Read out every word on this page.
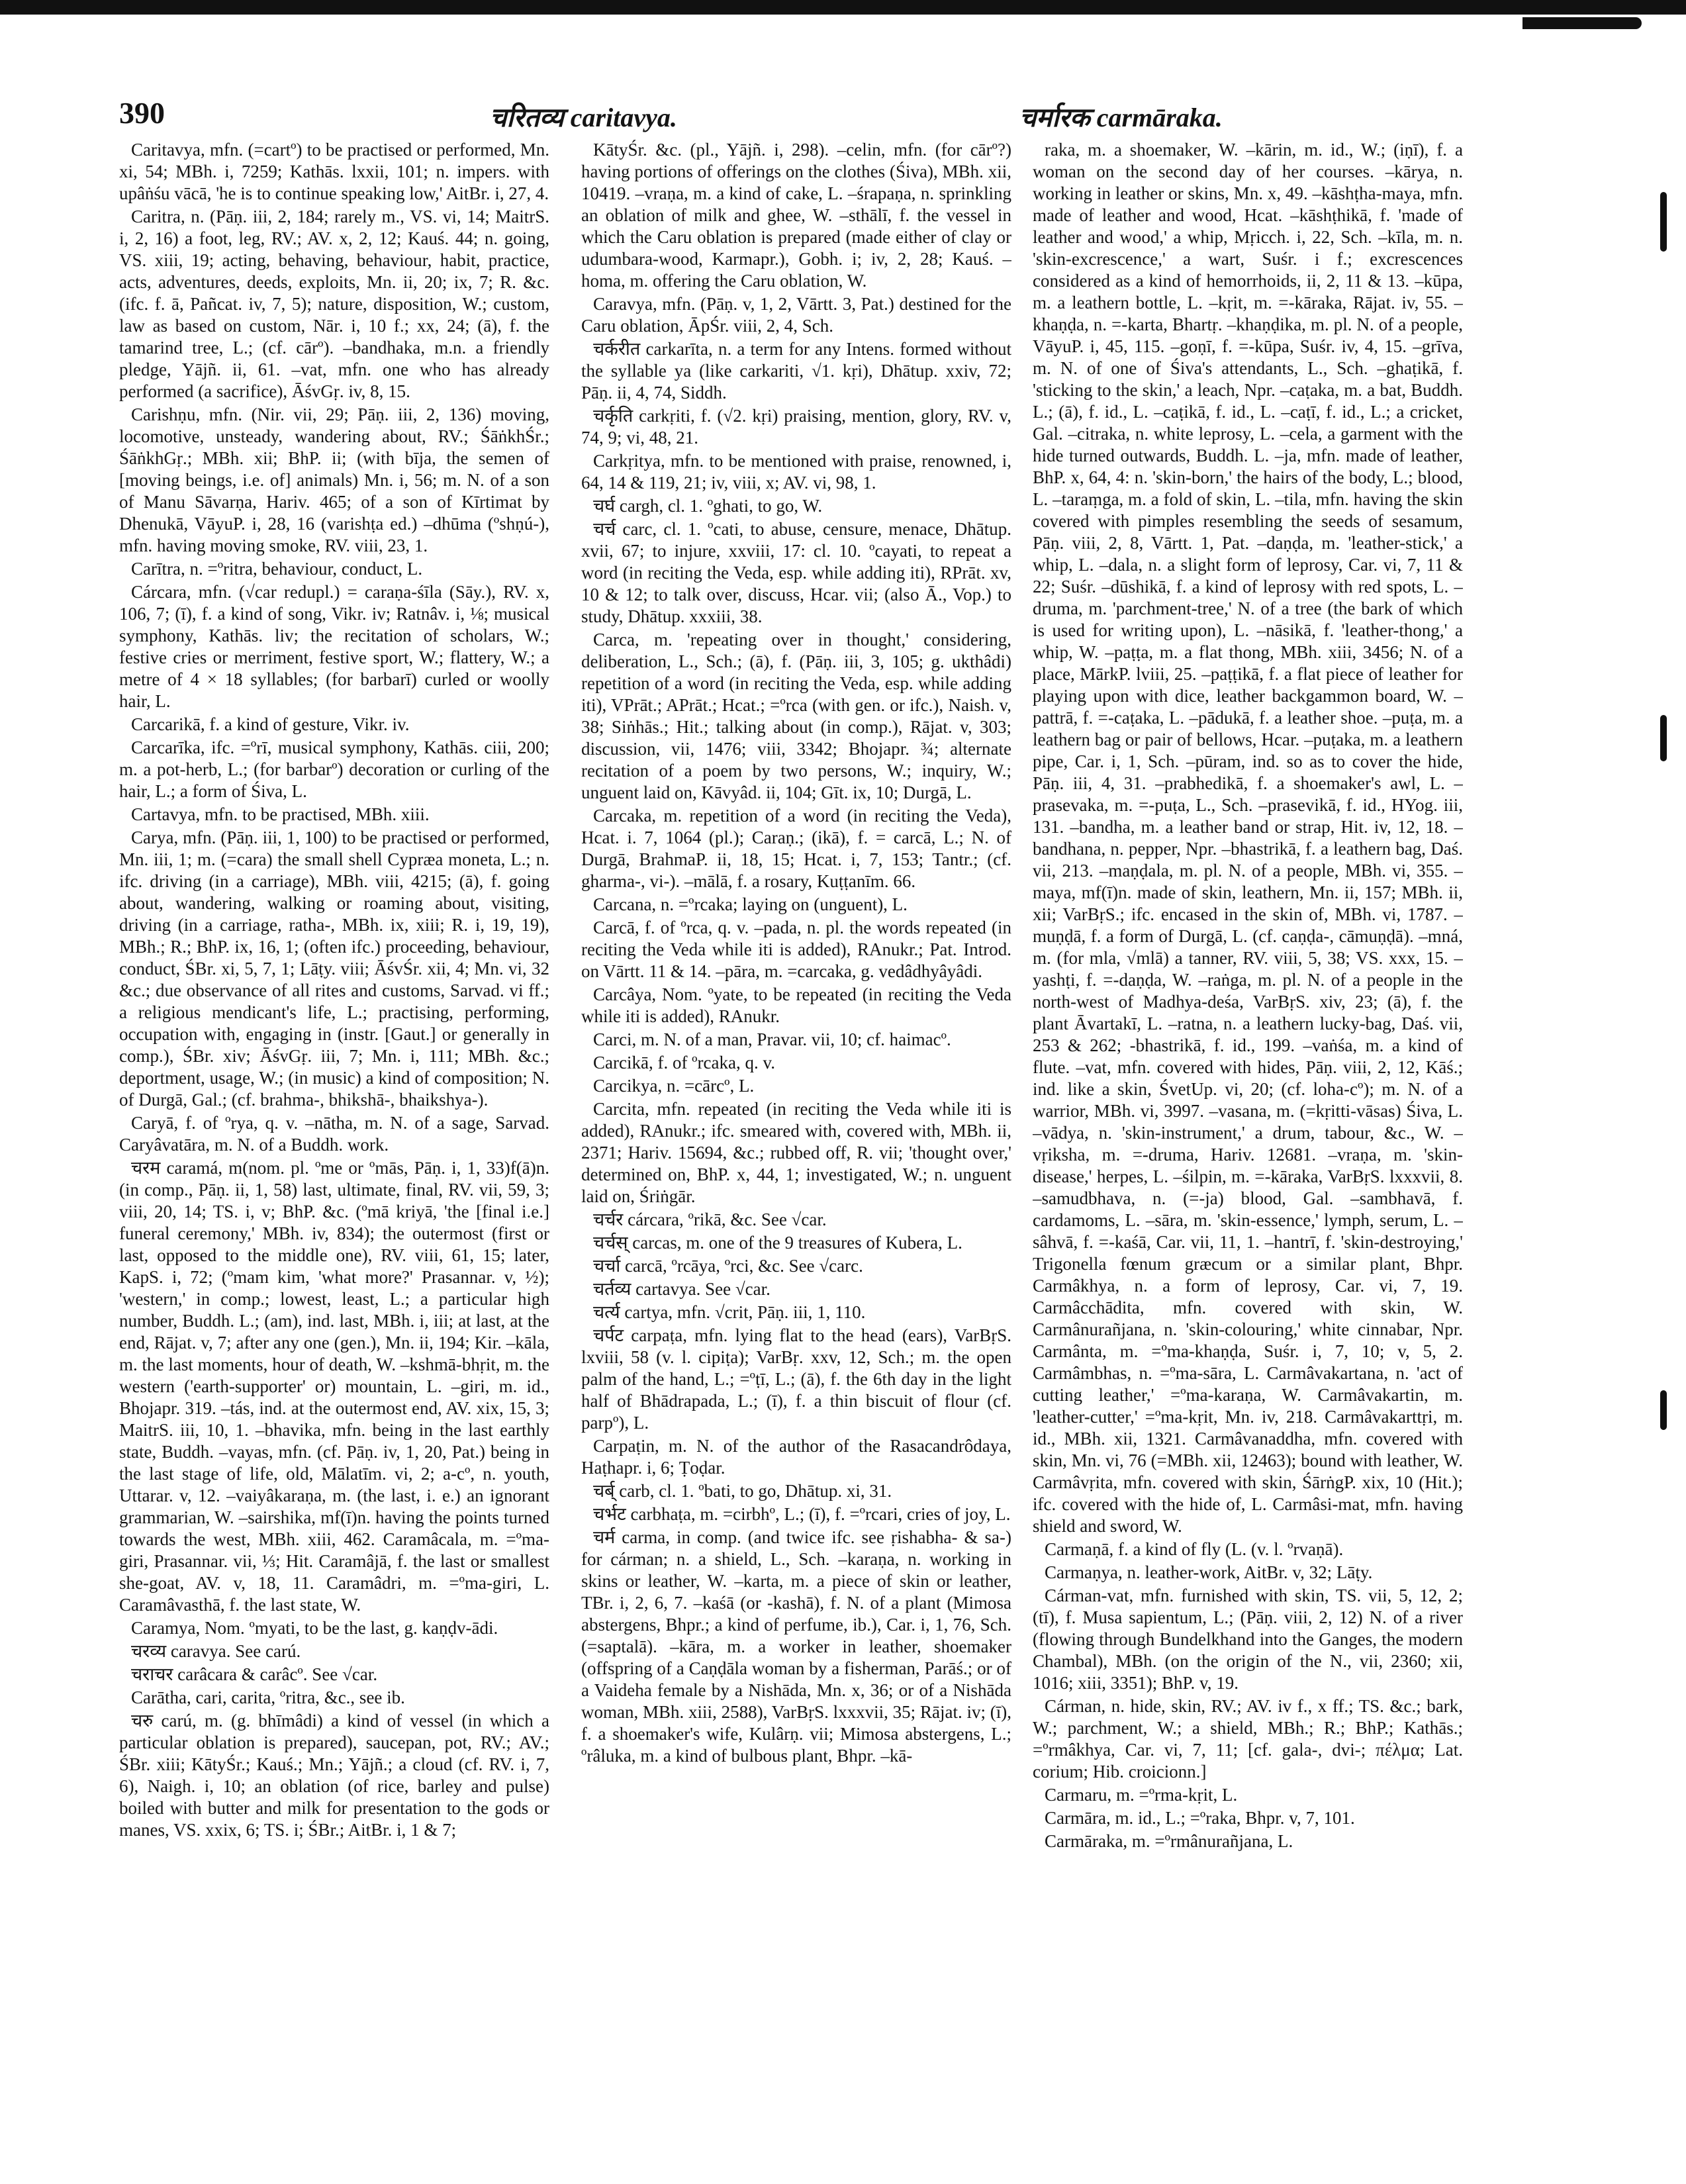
390	चरितव्य caritavya.	चर्मारक carmāraka.

Caritavya, mfn. (=cartº) to be practised or performed, Mn. xi, 54; MBh. i, 7259; Kathās. lxxii, 101; n. impers. with upâṅśu vācā, 'he is to continue speaking low,' AitBr. i, 27, 4.

Caritra, n. (Pāṇ. iii, 2, 184; rarely m., VS. vi, 14; MaitrS. i, 2, 16) a foot, leg, RV.; AV. x, 2, 12; Kauś. 44; n. going, VS. xiii, 19; acting, behaving, behaviour, habit, practice, acts, adventures, deeds, exploits, Mn. ii, 20; ix, 7; R. &c. (ifc. f. ā, Pañcat. iv, 7, 5); nature, disposition, W.; custom, law as based on custom, Nār. i, 10 f.; xx, 24; (ā), f. the tamarind tree, L.; (cf. cārº). –bandhaka, m.n. a friendly pledge, Yājñ. ii, 61. –vat, mfn. one who has already performed (a sacrifice), ĀśvGṛ. iv, 8, 15.

Carishṇu, mfn. (Nir. vii, 29; Pāṇ. iii, 2, 136) moving, locomotive, unsteady, wandering about, RV.; ŚāṅkhŚr.; ŚāṅkhGṛ.; MBh. xii; BhP. ii; (with bīja, the semen of [moving beings, i.e. of] animals) Mn. i, 56; m. N. of a son of Manu Sāvarṇa, Hariv. 465; of a son of Kīrtimat by Dhenukā, VāyuP. i, 28, 16 (varishṭa ed.) –dhūma (ºshṇú-), mfn. having moving smoke, RV. viii, 23, 1.

Carītra, n. =ºritra, behaviour, conduct, L.

Cárcara, mfn. (√car redupl.) = caraṇa-śīla (Sāy.), RV. x, 106, 7; (ī), f. a kind of song, Vikr. iv; Ratnâv. i, ⅛; musical symphony, Kathās. liv; the recitation of scholars, W.; festive cries or merriment, festive sport, W.; flattery, W.; a metre of 4 × 18 syllables; (for barbarī) curled or woolly hair, L.

Carcarikā, f. a kind of gesture, Vikr. iv.

Carcarīka, ifc. =ºrī, musical symphony, Kathās. ciii, 200; m. a pot-herb, L.; (for barbarº) decoration or curling of the hair, L.; a form of Śiva, L.

Cartavya, mfn. to be practised, MBh. xiii.

Carya, mfn. (Pāṇ. iii, 1, 100) to be practised or performed, Mn. iii, 1; m. (=cara) the small shell Cypræa moneta, L.; n. ifc. driving (in a carriage), MBh. viii, 4215; (ā), f. going about, wandering, walking or roaming about, visiting, driving (in a carriage, ratha-, MBh. ix, xiii; R. i, 19, 19), MBh.; R.; BhP. ix, 16, 1; (often ifc.) proceeding, behaviour, conduct, ŚBr. xi, 5, 7, 1; Lāṭy. viii; ĀśvŚr. xii, 4; Mn. vi, 32 &c.; due observance of all rites and customs, Sarvad. vi ff.; a religious mendicant's life, L.; practising, performing, occupation with, engaging in (instr. [Gaut.] or generally in comp.), ŚBr. xiv; ĀśvGṛ. iii, 7; Mn. i, 111; MBh. &c.; deportment, usage, W.; (in music) a kind of composition; N. of Durgā, Gal.; (cf. brahma-, bhikshā-, bhaikshya-).

Caryā, f. of ºrya, q. v. –nātha, m. N. of a sage, Sarvad. Caryâvatāra, m. N. of a Buddh. work.

चरम caramá, m(nom. pl. ºme or ºmās, Pāṇ. i, 1, 33)f(ā)n. (in comp., Pāṇ. ii, 1, 58) last, ultimate, final, RV. vii, 59, 3; viii, 20, 14; TS. i, v; BhP. &c. (ºmā kriyā, 'the [final i.e.] funeral ceremony,' MBh. iv, 834); the outermost (first or last, opposed to the middle one), RV. viii, 61, 15; later, KapS. i, 72; (ºmam kim, 'what more?' Prasannar. v, ½); 'western,' in comp.; lowest, least, L.; a particular high number, Buddh. L.; (am), ind. last, MBh. i, iii; at last, at the end, Rājat. v, 7; after any one (gen.), Mn. ii, 194; Kir. –kāla, m. the last moments, hour of death, W. –kshmā-bhṛit, m. the western ('earth-supporter' or) mountain, L. –giri, m. id., Bhojapr. 319. –tás, ind. at the outermost end, AV. xix, 15, 3; MaitrS. iii, 10, 1. –bhavika, mfn. being in the last earthly state, Buddh. –vayas, mfn. (cf. Pāṇ. iv, 1, 20, Pat.) being in the last stage of life, old, Mālatīm. vi, 2; a-cº, n. youth, Uttarar. v, 12. –vaiyâkaraṇa, m. (the last, i. e.) an ignorant grammarian, W. –sairshika, mf(ī)n. having the points turned towards the west, MBh. xiii, 462. Caramâcala, m. =ºma-giri, Prasannar. vii, ⅓; Hit. Caramâjā, f. the last or smallest she-goat, AV. v, 18, 11. Caramâdri, m. =ºma-giri, L. Caramâvasthā, f. the last state, W.

Caramya, Nom. ºmyati, to be the last, g. kaṇḍv-ādi.

चरव्य caravya. See carú.

चराचर carâcara & carâcº. See √car.

Carātha, cari, carita, ºritra, &c., see ib.

चरु carú, m. (g. bhīmâdi) a kind of vessel (in which a particular oblation is prepared), saucepan, pot, RV.; AV.; ŚBr. xiii; KātyŚr.; Kauś.; Mn.; Yājñ.; a cloud (cf. RV. i, 7, 6), Naigh. i, 10; an oblation (of rice, barley and pulse) boiled with butter and milk for presentation to the gods or manes, VS. xxix, 6; TS. i; ŚBr.; AitBr. i, 1 & 7;

KātyŚr. &c. (pl., Yājñ. i, 298). –celin, mfn. (for cārº?) having portions of offerings on the clothes (Śiva), MBh. xii, 10419. –vraṇa, m. a kind of cake, L. –śrapaṇa, n. sprinkling an oblation of milk and ghee, W. –sthālī, f. the vessel in which the Caru oblation is prepared (made either of clay or udumbara-wood, Karmapr.), Gobh. i; iv, 2, 28; Kauś. –homa, m. offering the Caru oblation, W.

Caravya, mfn. (Pāṇ. v, 1, 2, Vārtt. 3, Pat.) destined for the Caru oblation, ĀpŚr. viii, 2, 4, Sch.

चर्करीत carkarīta, n. a term for any Intens. formed without the syllable ya (like carkariti, √1. kṛi), Dhātup. xxiv, 72; Pāṇ. ii, 4, 74, Siddh.

चर्कृति carkṛiti, f. (√2. kṛi) praising, mention, glory, RV. v, 74, 9; vi, 48, 21.

Carkṛitya, mfn. to be mentioned with praise, renowned, i, 64, 14 & 119, 21; iv, viii, x; AV. vi, 98, 1.

चर्घ cargh, cl. 1. ºghati, to go, W.

चर्च carc, cl. 1. ºcati, to abuse, censure, menace, Dhātup. xvii, 67; to injure, xxviii, 17: cl. 10. ºcayati, to repeat a word (in reciting the Veda, esp. while adding iti), RPrāt. xv, 10 & 12; to talk over, discuss, Hcar. vii; (also Ā., Vop.) to study, Dhātup. xxxiii, 38.

Carca, m. 'repeating over in thought,' considering, deliberation, L., Sch.; (ā), f. (Pāṇ. iii, 3, 105; g. ukthâdi) repetition of a word (in reciting the Veda, esp. while adding iti), VPrāt.; APrāt.; Hcat.; =ºrca (with gen. or ifc.), Naish. v, 38; Siṅhās.; Hit.; talking about (in comp.), Rājat. v, 303; discussion, vii, 1476; viii, 3342; Bhojapr. ¾; alternate recitation of a poem by two persons, W.; inquiry, W.; unguent laid on, Kāvyâd. ii, 104; Gīt. ix, 10; Durgā, L.

Carcaka, m. repetition of a word (in reciting the Veda), Hcat. i. 7, 1064 (pl.); Caraṇ.; (ikā), f. = carcā, L.; N. of Durgā, BrahmaP. ii, 18, 15; Hcat. i, 7, 153; Tantr.; (cf. gharma-, vi-). –mālā, f. a rosary, Kuṭṭanīm. 66.

Carcana, n. =ºrcaka; laying on (unguent), L.

Carcā, f. of ºrca, q. v. –pada, n. pl. the words repeated (in reciting the Veda while iti is added), RAnukr.; Pat. Introd. on Vārtt. 11 & 14. –pāra, m. =carcaka, g. vedâdhyâyâdi.

Carcâya, Nom. ºyate, to be repeated (in reciting the Veda while iti is added), RAnukr.

Carci, m. N. of a man, Pravar. vii, 10; cf. haimacº.

Carcikā, f. of ºrcaka, q. v.

Carcikya, n. =cārcº, L.

Carcita, mfn. repeated (in reciting the Veda while iti is added), RAnukr.; ifc. smeared with, covered with, MBh. ii, 2371; Hariv. 15694, &c.; rubbed off, R. vii; 'thought over,' determined on, BhP. x, 44, 1; investigated, W.; n. unguent laid on, Śriṅgār.

चर्चर cárcara, ºrikā, &c. See √car.

चर्चस् carcas, m. one of the 9 treasures of Kubera, L.

चर्चा carcā, ºrcāya, ºrci, &c. See √carc.

चर्तव्य cartavya. See √car.

चर्त्य cartya, mfn. √crit, Pāṇ. iii, 1, 110.

चर्पट carpaṭa, mfn. lying flat to the head (ears), VarBṛS. lxviii, 58 (v. l. cipiṭa); VarBṛ. xxv, 12, Sch.; m. the open palm of the hand, L.; =ºṭī, L.; (ā), f. the 6th day in the light half of Bhādrapada, L.; (ī), f. a thin biscuit of flour (cf. parpº), L.

Carpaṭin, m. N. of the author of the Rasacandrôdaya, Haṭhapr. i, 6; Ṭoḍar.

चर्ब् carb, cl. 1. ºbati, to go, Dhātup. xi, 31.

चर्भट carbhaṭa, m. =cirbhº, L.; (ī), f. =ºrcari, cries of joy, L.

चर्म carma, in comp. (and twice ifc. see ṛishabha- & sa-) for cárman; n. a shield, L., Sch. –karaṇa, n. working in skins or leather, W. –karta, m. a piece of skin or leather, TBr. i, 2, 6, 7. –kaśā (or -kashā), f. N. of a plant (Mimosa abstergens, Bhpr.; a kind of perfume, ib.), Car. i, 1, 76, Sch. (=saptalā). –kāra, m. a worker in leather, shoemaker (offspring of a Caṇḍāla woman by a fisherman, Parāś.; or of a Vaideha female by a Nishāda, Mn. x, 36; or of a Nishāda woman, MBh. xiii, 2588), VarBṛS. lxxxvii, 35; Rājat. iv; (ī), f. a shoemaker's wife, Kulârṇ. vii; Mimosa abstergens, L.; ºrâluka, m. a kind of bulbous plant, Bhpr. –kā-

raka, m. a shoemaker, W. –kārin, m. id., W.; (iṇī), f. a woman on the second day of her courses. –kārya, n. working in leather or skins, Mn. x, 49. –kāshṭha-maya, mfn. made of leather and wood, Hcat. –kāshṭhikā, f. 'made of leather and wood,' a whip, Mṛicch. i, 22, Sch. –kīla, m. n. 'skin-excrescence,' a wart, Suśr. i f.; excrescences considered as a kind of hemorrhoids, ii, 2, 11 & 13. –kūpa, m. a leathern bottle, L. –kṛit, m. =-kāraka, Rājat. iv, 55. –khaṇḍa, n. =-karta, Bhartṛ. –khaṇḍika, m. pl. N. of a people, VāyuP. i, 45, 115. –goṇī, f. =-kūpa, Suśr. iv, 4, 15. –grīva, m. N. of one of Śiva's attendants, L., Sch. –ghaṭikā, f. 'sticking to the skin,' a leach, Npr. –caṭaka, m. a bat, Buddh. L.; (ā), f. id., L. –caṭikā, f. id., L. –caṭī, f. id., L.; a cricket, Gal. –citraka, n. white leprosy, L. –cela, a garment with the hide turned outwards, Buddh. L. –ja, mfn. made of leather, BhP. x, 64, 4: n. 'skin-born,' the hairs of the body, L.; blood, L. –taraṃga, m. a fold of skin, L. –tila, mfn. having the skin covered with pimples resembling the seeds of sesamum, Pāṇ. viii, 2, 8, Vārtt. 1, Pat. –daṇḍa, m. 'leather-stick,' a whip, L. –dala, n. a slight form of leprosy, Car. vi, 7, 11 & 22; Suśr. –dūshikā, f. a kind of leprosy with red spots, L. –druma, m. 'parchment-tree,' N. of a tree (the bark of which is used for writing upon), L. –nāsikā, f. 'leather-thong,' a whip, W. –paṭṭa, m. a flat thong, MBh. xiii, 3456; N. of a place, MārkP. lviii, 25. –paṭṭikā, f. a flat piece of leather for playing upon with dice, leather backgammon board, W. –pattrā, f. =-caṭaka, L. –pādukā, f. a leather shoe. –puṭa, m. a leathern bag or pair of bellows, Hcar. –puṭaka, m. a leathern pipe, Car. i, 1, Sch. –pūram, ind. so as to cover the hide, Pāṇ. iii, 4, 31. –prabhedikā, f. a shoemaker's awl, L. –prasevaka, m. =-puṭa, L., Sch. –prasevikā, f. id., HYog. iii, 131. –bandha, m. a leather band or strap, Hit. iv, 12, 18. –bandhana, n. pepper, Npr. –bhastrikā, f. a leathern bag, Daś. vii, 213. –maṇḍala, m. pl. N. of a people, MBh. vi, 355. –maya, mf(ī)n. made of skin, leathern, Mn. ii, 157; MBh. ii, xii; VarBṛS.; ifc. encased in the skin of, MBh. vi, 1787. –muṇḍā, f. a form of Durgā, L. (cf. caṇḍa-, cāmuṇḍā). –mná, m. (for mla, √mlā) a tanner, RV. viii, 5, 38; VS. xxx, 15. –yashṭi, f. =-daṇḍa, W. –raṅga, m. pl. N. of a people in the north-west of Madhya-deśa, VarBṛS. xiv, 23; (ā), f. the plant Āvartakī, L. –ratna, n. a leathern lucky-bag, Daś. vii, 253 & 262; -bhastrikā, f. id., 199. –vaṅśa, m. a kind of flute. –vat, mfn. covered with hides, Pāṇ. viii, 2, 12, Kāś.; ind. like a skin, ŚvetUp. vi, 20; (cf. loha-cº); m. N. of a warrior, MBh. vi, 3997. –vasana, m. (=kṛitti-vāsas) Śiva, L. –vādya, n. 'skin-instrument,' a drum, tabour, &c., W. –vṛiksha, m. =-druma, Hariv. 12681. –vraṇa, m. 'skin-disease,' herpes, L. –śilpin, m. =-kāraka, VarBṛS. lxxxvii, 8. –samudbhava, n. (=-ja) blood, Gal. –sambhavā, f. cardamoms, L. –sāra, m. 'skin-essence,' lymph, serum, L. –sâhvā, f. =-kaśā, Car. vii, 11, 1. –hantrī, f. 'skin-destroying,' Trigonella fœnum græcum or a similar plant, Bhpr. Carmâkhya, n. a form of leprosy, Car. vi, 7, 19. Carmâcchādita, mfn. covered with skin, W. Carmânurañjana, n. 'skin-colouring,' white cinnabar, Npr. Carmânta, m. =ºma-khaṇḍa, Suśr. i, 7, 10; v, 5, 2. Carmâmbhas, n. =ºma-sāra, L. Carmâvakartana, n. 'act of cutting leather,' =ºma-karaṇa, W. Carmâvakartin, m. 'leather-cutter,' =ºma-kṛit, Mn. iv, 218. Carmâvakarttṛi, m. id., MBh. xii, 1321. Carmâvanaddha, mfn. covered with skin, Mn. vi, 76 (=MBh. xii, 12463); bound with leather, W. Carmâvṛita, mfn. covered with skin, ŚārṅgP. xix, 10 (Hit.); ifc. covered with the hide of, L. Carmâsi-mat, mfn. having shield and sword, W.

Carmaṇā, f. a kind of fly (L. (v. l. ºrvaṇā).

Carmaṇya, n. leather-work, AitBr. v, 32; Lāṭy.

Cárman-vat, mfn. furnished with skin, TS. vii, 5, 12, 2; (tī), f. Musa sapientum, L.; (Pāṇ. viii, 2, 12) N. of a river (flowing through Bundelkhand into the Ganges, the modern Chambal), MBh. (on the origin of the N., vii, 2360; xii, 1016; xiii, 3351); BhP. v, 19.

Cárman, n. hide, skin, RV.; AV. iv f., x ff.; TS. &c.; bark, W.; parchment, W.; a shield, MBh.; R.; BhP.; Kathās.; =ºrmâkhya, Car. vi, 7, 11; [cf. gala-, dvi-; πέλμα; Lat. corium; Hib. croicionn.]

Carmaru, m. =ºrma-kṛit, L.

Carmāra, m. id., L.; =ºraka, Bhpr. v, 7, 101.

Carmāraka, m. =ºrmânurañjana, L.
